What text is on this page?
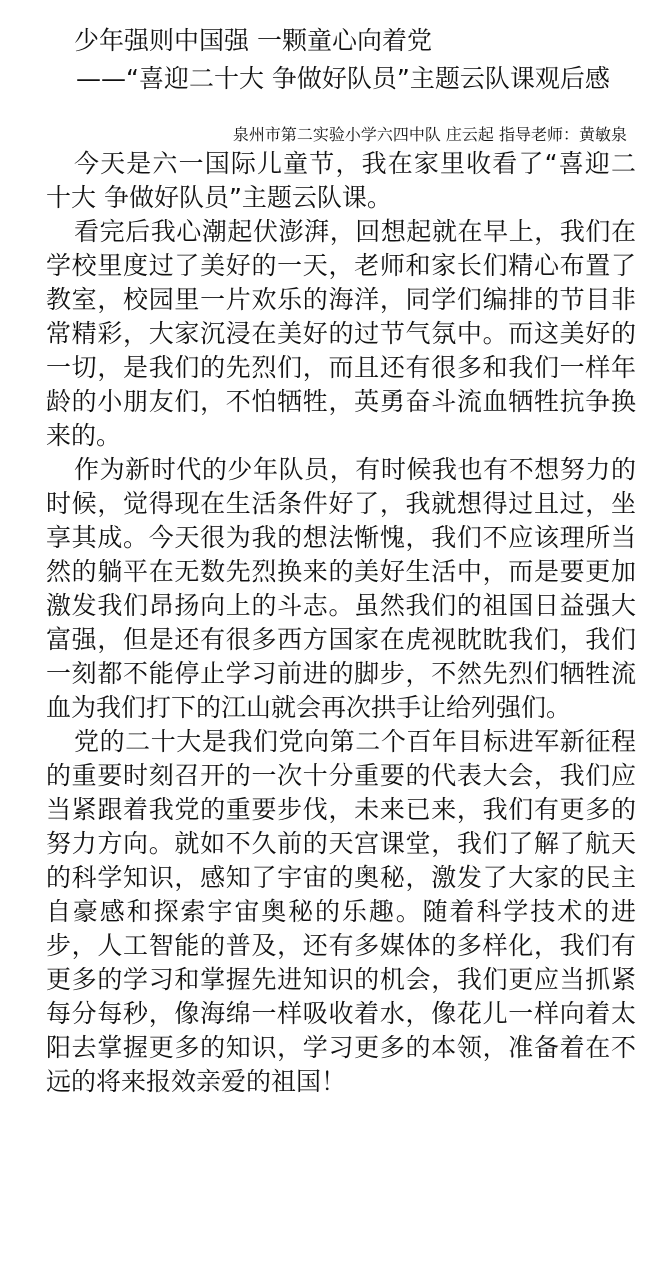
少年强则中国强 一颗童心向着党
——“喜迎二十大 争做好队员”主题云队课观后感
泉州市第二实验小学六四中队 庄云起 指导老师：黄敏泉

今天是六一国际儿童节，我在家里收看了“喜迎二十大 争做好队员”主题云队课。

看完后我心潮起伏澎湃，回想起就在早上，我们在学校里度过了美好的一天，老师和家长们精心布置了教室，校园里一片欢乐的海洋，同学们编排的节目非常精彩，大家沉浸在美好的过节气氛中。而这美好的一切，是我们的先烈们，而且还有很多和我们一样年龄的小朋友们，不怕牺牲，英勇奋斗流血牺牲抗争换来的。

作为新时代的少年队员，有时候我也有不想努力的时候，觉得现在生活条件好了，我就想得过且过，坐享其成。今天很为我的想法惭愧，我们不应该理所当然的躺平在无数先烈换来的美好生活中，而是要更加激发我们昂扬向上的斗志。虽然我们的祖国日益强大富强，但是还有很多西方国家在虎视眈眈我们，我们一刻都不能停止学习前进的脚步，不然先烈们牺牲流血为我们打下的江山就会再次拱手让给列强们。

党的二十大是我们党向第二个百年目标进军新征程的重要时刻召开的一次十分重要的代表大会，我们应当紧跟着我党的重要步伐，未来已来，我们有更多的努力方向。就如不久前的天宫课堂，我们了解了航天的科学知识，感知了宇宙的奥秘，激发了大家的民主自豪感和探索宇宙奥秘的乐趣。随着科学技术的进步，人工智能的普及，还有多媒体的多样化，我们有更多的学习和掌握先进知识的机会，我们更应当抓紧每分每秒，像海绵一样吸收着水，像花儿一样向着太阳去掌握更多的知识，学习更多的本领，准备着在不远的将来报效亲爱的祖国！
